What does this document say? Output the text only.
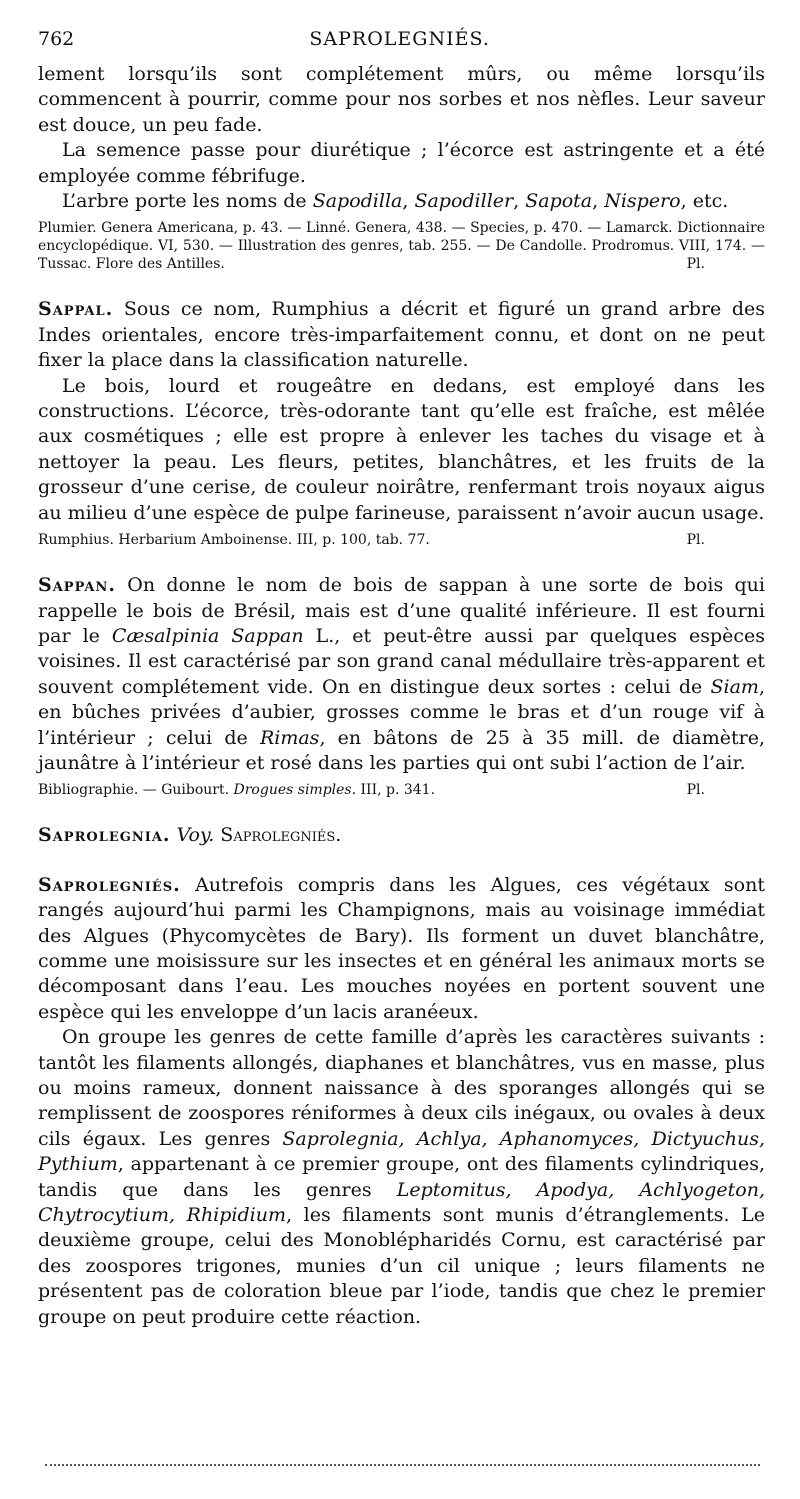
762	SAPROLEGNIÉS.

lement lorsqu’ils sont complétement mûrs, ou même lorsqu’ils commencent à pourrir, comme pour nos sorbes et nos nèfles. Leur saveur est douce, un peu fade.

La semence passe pour diurétique ; l’écorce est astringente et a été employée comme fébrifuge.

L’arbre porte les noms de Sapodilla, Sapodiller, Sapota, Nispero, etc.

Plumier. Genera Americana, p. 43. — Linné. Genera, 438. — Species, p. 470. — Lamarck. Dictionnaire encyclopédique. VI, 530. — Illustration des genres, tab. 255. — De Candolle. Prodromus. VIII, 174. — Tussac. Flore des Antilles.	Pl.

Sappal. Sous ce nom, Rumphius a décrit et figuré un grand arbre des Indes orientales, encore très-imparfaitement connu, et dont on ne peut fixer la place dans la classification naturelle.

Le bois, lourd et rougeâtre en dedans, est employé dans les constructions. L’écorce, très-odorante tant qu’elle est fraîche, est mêlée aux cosmétiques ; elle est propre à enlever les taches du visage et à nettoyer la peau. Les fleurs, petites, blanchâtres, et les fruits de la grosseur d’une cerise, de couleur noirâtre, renfermant trois noyaux aigus au milieu d’une espèce de pulpe farineuse, paraissent n’avoir aucun usage.

Rumphius. Herbarium Amboinense. III, p. 100, tab. 77.	Pl.

Sappan. On donne le nom de bois de sappan à une sorte de bois qui rappelle le bois de Brésil, mais est d’une qualité inférieure. Il est fourni par le Cæsalpinia Sappan L., et peut-être aussi par quelques espèces voisines. Il est caractérisé par son grand canal médullaire très-apparent et souvent complétement vide. On en distingue deux sortes : celui de Siam, en bûches privées d’aubier, grosses comme le bras et d’un rouge vif à l’intérieur ; celui de Rimas, en bâtons de 25 à 35 mill. de diamètre, jaunâtre à l’intérieur et rosé dans les parties qui ont subi l’action de l’air.

Bibliographie. — Guibourt. Drogues simples. III, p. 341.	Pl.

Saprolegnia. Voy. Saprolegniés.

Saprolegniés. Autrefois compris dans les Algues, ces végétaux sont rangés aujourd’hui parmi les Champignons, mais au voisinage immédiat des Algues (Phycomycètes de Bary). Ils forment un duvet blanchâtre, comme une moisissure sur les insectes et en général les animaux morts se décomposant dans l’eau. Les mouches noyées en portent souvent une espèce qui les enveloppe d’un lacis aranéeux.

On groupe les genres de cette famille d’après les caractères suivants : tantôt les filaments allongés, diaphanes et blanchâtres, vus en masse, plus ou moins rameux, donnent naissance à des sporanges allongés qui se remplissent de zoospores réniformes à deux cils inégaux, ou ovales à deux cils égaux. Les genres Saprolegnia, Achlya, Aphanomyces, Dictyuchus, Pythium, appartenant à ce premier groupe, ont des filaments cylindriques, tandis que dans les genres Leptomitus, Apodya, Achlyogeton, Chytrocytium, Rhipidium, les filaments sont munis d’étranglements. Le deuxième groupe, celui des Monoblépharidés Cornu, est caractérisé par des zoospores trigones, munies d’un cil unique ; leurs filaments ne présentent pas de coloration bleue par l’iode, tandis que chez le premier groupe on peut produire cette réaction.
